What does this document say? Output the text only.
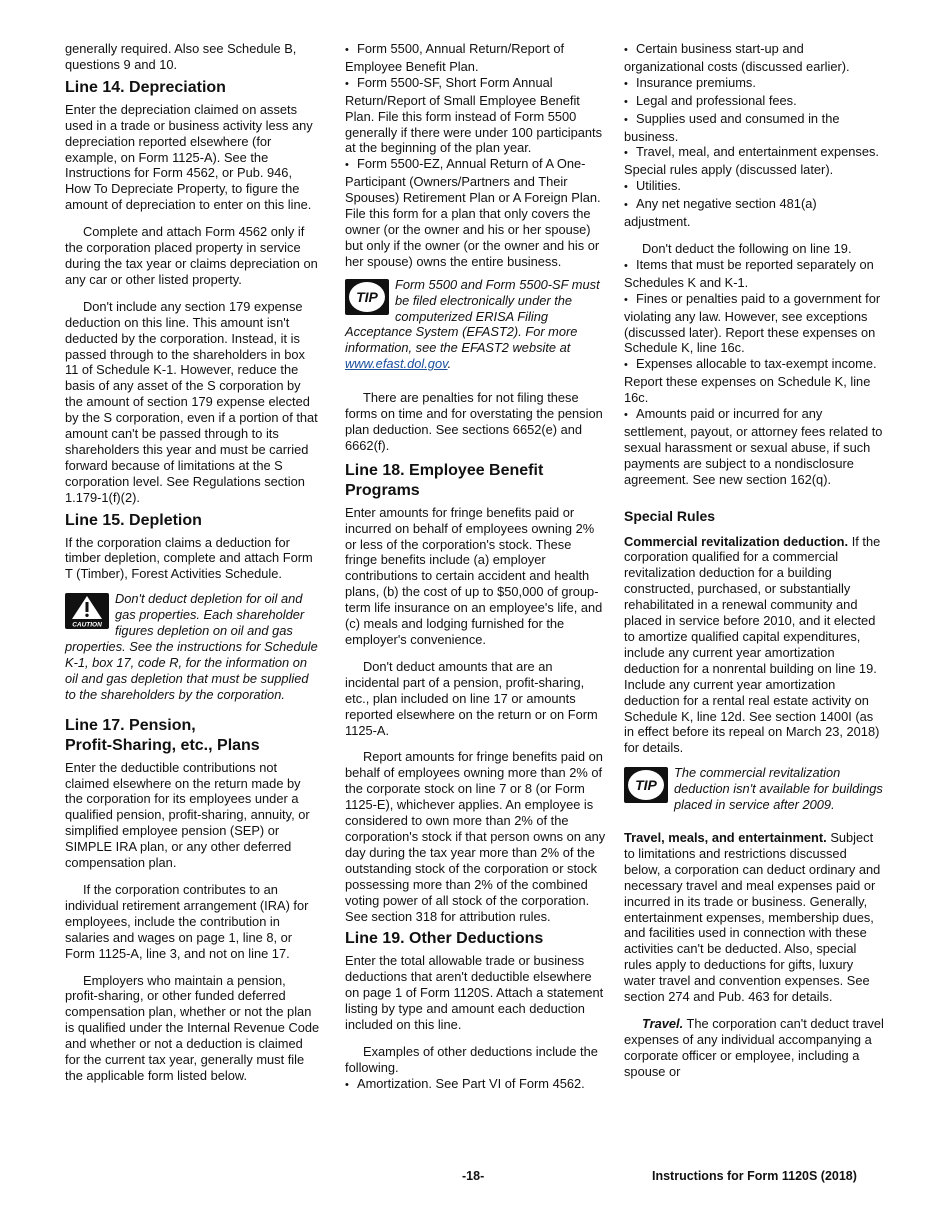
generally required. Also see Schedule B, questions 9 and 10.

Line 14. Depreciation

Enter the depreciation claimed on assets used in a trade or business activity less any depreciation reported elsewhere (for example, on Form 1125-A). See the Instructions for Form 4562, or Pub. 946, How To Depreciate Property, to figure the amount of depreciation to enter on this line.

Complete and attach Form 4562 only if the corporation placed property in service during the tax year or claims depreciation on any car or other listed property.

Don't include any section 179 expense deduction on this line. This amount isn't deducted by the corporation. Instead, it is passed through to the shareholders in box 11 of Schedule K-1. However, reduce the basis of any asset of the S corporation by the amount of section 179 expense elected by the S corporation, even if a portion of that amount can't be passed through to its shareholders this year and must be carried forward because of limitations at the S corporation level. See Regulations section 1.179-1(f)(2).

Line 15. Depletion

If the corporation claims a deduction for timber depletion, complete and attach Form T (Timber), Forest Activities Schedule.

CAUTION
Don't deduct depletion for oil and gas properties. Each shareholder figures depletion on oil and gas properties. See the instructions for Schedule K-1, box 17, code R, for the information on oil and gas depletion that must be supplied to the shareholders by the corporation.
Line 17. Pension,
Profit-Sharing, etc., Plans

Enter the deductible contributions not claimed elsewhere on the return made by the corporation for its employees under a qualified pension, profit-sharing, annuity, or simplified employee pension (SEP) or SIMPLE IRA plan, or any other deferred compensation plan.

If the corporation contributes to an individual retirement arrangement (IRA) for employees, include the contribution in salaries and wages on page 1, line 8, or Form 1125-A, line 3, and not on line 17.

Employers who maintain a pension, profit-sharing, or other funded deferred compensation plan, whether or not the plan is qualified under the Internal Revenue Code and whether or not a deduction is claimed for the current tax year, generally must file the applicable form listed below.

• Form 5500, Annual Return/Report of Employee Benefit Plan.

• Form 5500-SF, Short Form Annual Return/Report of Small Employee Benefit Plan. File this form instead of Form 5500 generally if there were under 100 participants at the beginning of the plan year.

• Form 5500-EZ, Annual Return of A One-Participant (Owners/Partners and Their Spouses) Retirement Plan or A Foreign Plan. File this form for a plan that only covers the owner (or the owner and his or her spouse) but only if the owner (or the owner and his or her spouse) owns the entire business.

TIP
Form 5500 and Form 5500-SF must be filed electronically under the computerized ERISA Filing Acceptance System (EFAST2). For more information, see the EFAST2 website at www.efast.dol.gov.

There are penalties for not filing these forms on time and for overstating the pension plan deduction. See sections 6652(e) and 6662(f).

Line 18. Employee Benefit Programs

Enter amounts for fringe benefits paid or incurred on behalf of employees owning 2% or less of the corporation's stock. These fringe benefits include (a) employer contributions to certain accident and health plans, (b) the cost of up to $50,000 of group-term life insurance on an employee's life, and (c) meals and lodging furnished for the employer's convenience.

Don't deduct amounts that are an incidental part of a pension, profit-sharing, etc., plan included on line 17 or amounts reported elsewhere on the return or on Form 1125-A.

Report amounts for fringe benefits paid on behalf of employees owning more than 2% of the corporate stock on line 7 or 8 (or Form 1125-E), whichever applies. An employee is considered to own more than 2% of the corporation's stock if that person owns on any day during the tax year more than 2% of the outstanding stock of the corporation or stock possessing more than 2% of the combined voting power of all stock of the corporation. See section 318 for attribution rules.

Line 19. Other Deductions

Enter the total allowable trade or business deductions that aren't deductible elsewhere on page 1 of Form 1120S. Attach a statement listing by type and amount each deduction included on this line.

Examples of other deductions include the following.

• Amortization. See Part VI of Form 4562.

• Certain business start-up and organizational costs (discussed earlier).

• Insurance premiums.

• Legal and professional fees.

• Supplies used and consumed in the business.

• Travel, meal, and entertainment expenses. Special rules apply (discussed later).

• Utilities.

• Any net negative section 481(a) adjustment.

Don't deduct the following on line 19.

• Items that must be reported separately on Schedules K and K-1.

• Fines or penalties paid to a government for violating any law. However, see exceptions (discussed later). Report these expenses on Schedule K, line 16c.

• Expenses allocable to tax-exempt income. Report these expenses on Schedule K, line 16c.

• Amounts paid or incurred for any settlement, payout, or attorney fees related to sexual harassment or sexual abuse, if such payments are subject to a nondisclosure agreement. See new section 162(q).

Special Rules

Commercial revitalization deduction. If the corporation qualified for a commercial revitalization deduction for a building constructed, purchased, or substantially rehabilitated in a renewal community and placed in service before 2010, and it elected to amortize qualified capital expenditures, include any current year amortization deduction for a nonrental building on line 19. Include any current year amortization deduction for a rental real estate activity on Schedule K, line 12d. See section 1400I (as in effect before its repeal on March 23, 2018) for details.

TIP
The commercial revitalization deduction isn't available for buildings placed in service after 2009.

Travel, meals, and entertainment. Subject to limitations and restrictions discussed below, a corporation can deduct ordinary and necessary travel and meal expenses paid or incurred in its trade or business. Generally, entertainment expenses, membership dues, and facilities used in connection with these activities can't be deducted. Also, special rules apply to deductions for gifts, luxury water travel and convention expenses. See section 274 and Pub. 463 for details.

Travel. The corporation can't deduct travel expenses of any individual accompanying a corporate officer or employee, including a spouse or

-18-	Instructions for Form 1120S (2018)
